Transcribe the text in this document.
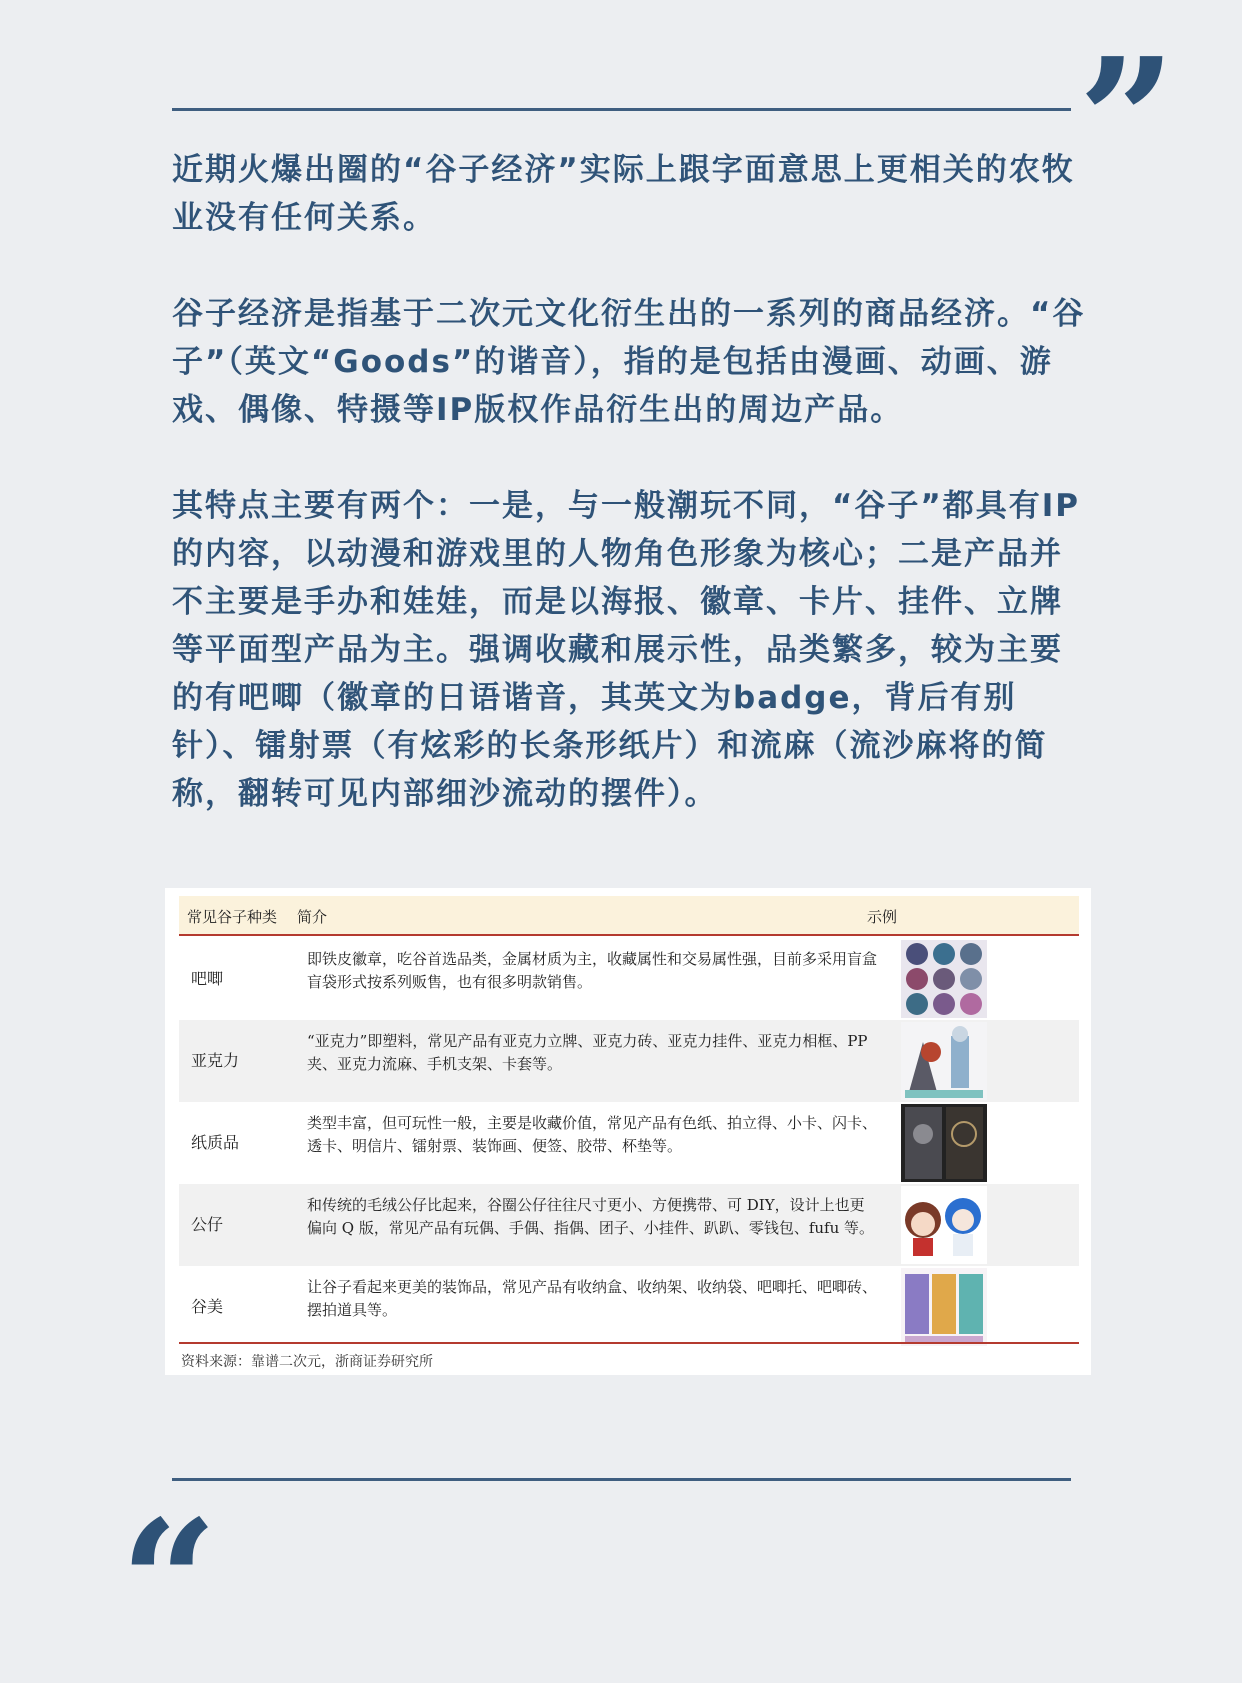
”

近期火爆出圈的“谷子经济”实际上跟字面意思上更相关的农牧业没有任何关系。

谷子经济是指基于二次元文化衍生出的一系列的商品经济。“谷子”（英文“Goods”的谐音），指的是包括由漫画、动画、游戏、偶像、特摄等IP版权作品衍生出的周边产品。

其特点主要有两个：一是，与一般潮玩不同，“谷子”都具有IP的内容，以动漫和游戏里的人物角色形象为核心；二是产品并不主要是手办和娃娃，而是以海报、徽章、卡片、挂件、立牌等平面型产品为主。强调收藏和展示性，品类繁多，较为主要的有吧唧（徽章的日语谐音，其英文为badge，背后有别针）、镭射票（有炫彩的长条形纸片）和流麻（流沙麻将的简称，翻转可见内部细沙流动的摆件）。

常见谷子种类 简介	示例
吧唧
即铁皮徽章，吃谷首选品类，金属材质为主，收藏属性和交易属性强，目前多采用盲盒盲袋形式按系列贩售，也有很多明款销售。
亚克力
“亚克力”即塑料，常见产品有亚克力立牌、亚克力砖、亚克力挂件、亚克力相框、PP 夹、亚克力流麻、手机支架、卡套等。
纸质品
类型丰富，但可玩性一般，主要是收藏价值，常见产品有色纸、拍立得、小卡、闪卡、透卡、明信片、镭射票、装饰画、便签、胶带、杯垫等。
公仔
和传统的毛绒公仔比起来，谷圈公仔往往尺寸更小、方便携带、可 DIY，设计上也更偏向 Q 版，常见产品有玩偶、手偶、指偶、团子、小挂件、趴趴、零钱包、fufu 等。
谷美
让谷子看起来更美的装饰品，常见产品有收纳盒、收纳架、收纳袋、吧唧托、吧唧砖、摆拍道具等。
资料来源：靠谱二次元，浙商证券研究所
“
